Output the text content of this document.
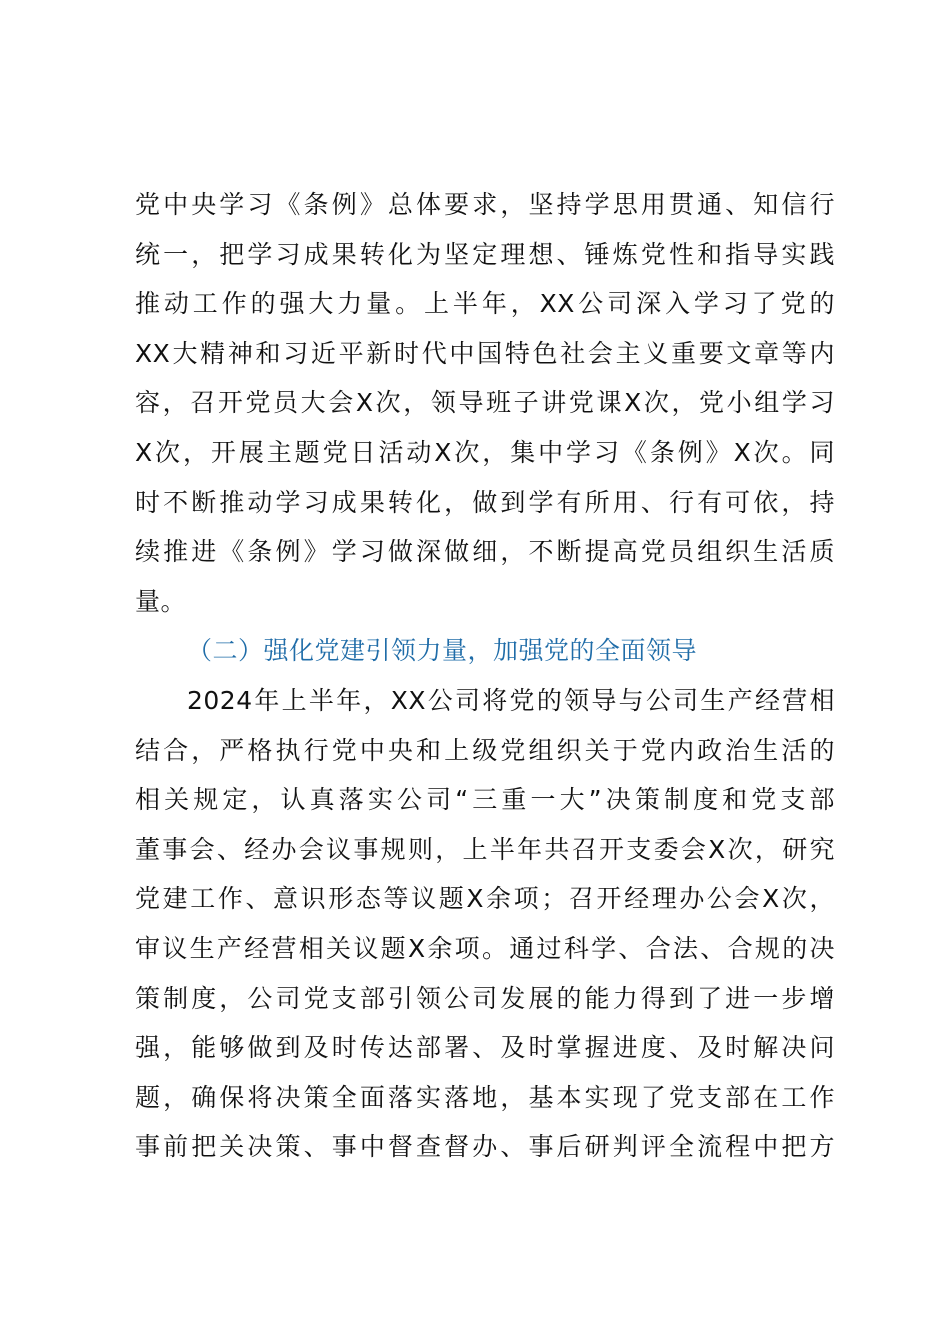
党中央学习《条例》总体要求，坚持学思用贯通、知信行
统一，把学习成果转化为坚定理想、锤炼党性和指导实践
推动工作的强大力量。上半年，XX公司深入学习了党的
XX大精神和习近平新时代中国特色社会主义重要文章等内
容，召开党员大会X次，领导班子讲党课X次，党小组学习
X次，开展主题党日活动X次，集中学习《条例》X次。同
时不断推动学习成果转化，做到学有所用、行有可依，持
续推进《条例》学习做深做细，不断提高党员组织生活质
量。
（二）强化党建引领力量，加强党的全面领导
2024年上半年，XX公司将党的领导与公司生产经营相
结合，严格执行党中央和上级党组织关于党内政治生活的
相关规定，认真落实公司“三重一大”决策制度和党支部
董事会、经办会议事规则，上半年共召开支委会X次，研究
党建工作、意识形态等议题X余项；召开经理办公会X次，
审议生产经营相关议题X余项。通过科学、合法、合规的决
策制度，公司党支部引领公司发展的能力得到了进一步增
强，能够做到及时传达部署、及时掌握进度、及时解决问
题，确保将决策全面落实落地，基本实现了党支部在工作
事前把关决策、事中督查督办、事后研判评全流程中把方
